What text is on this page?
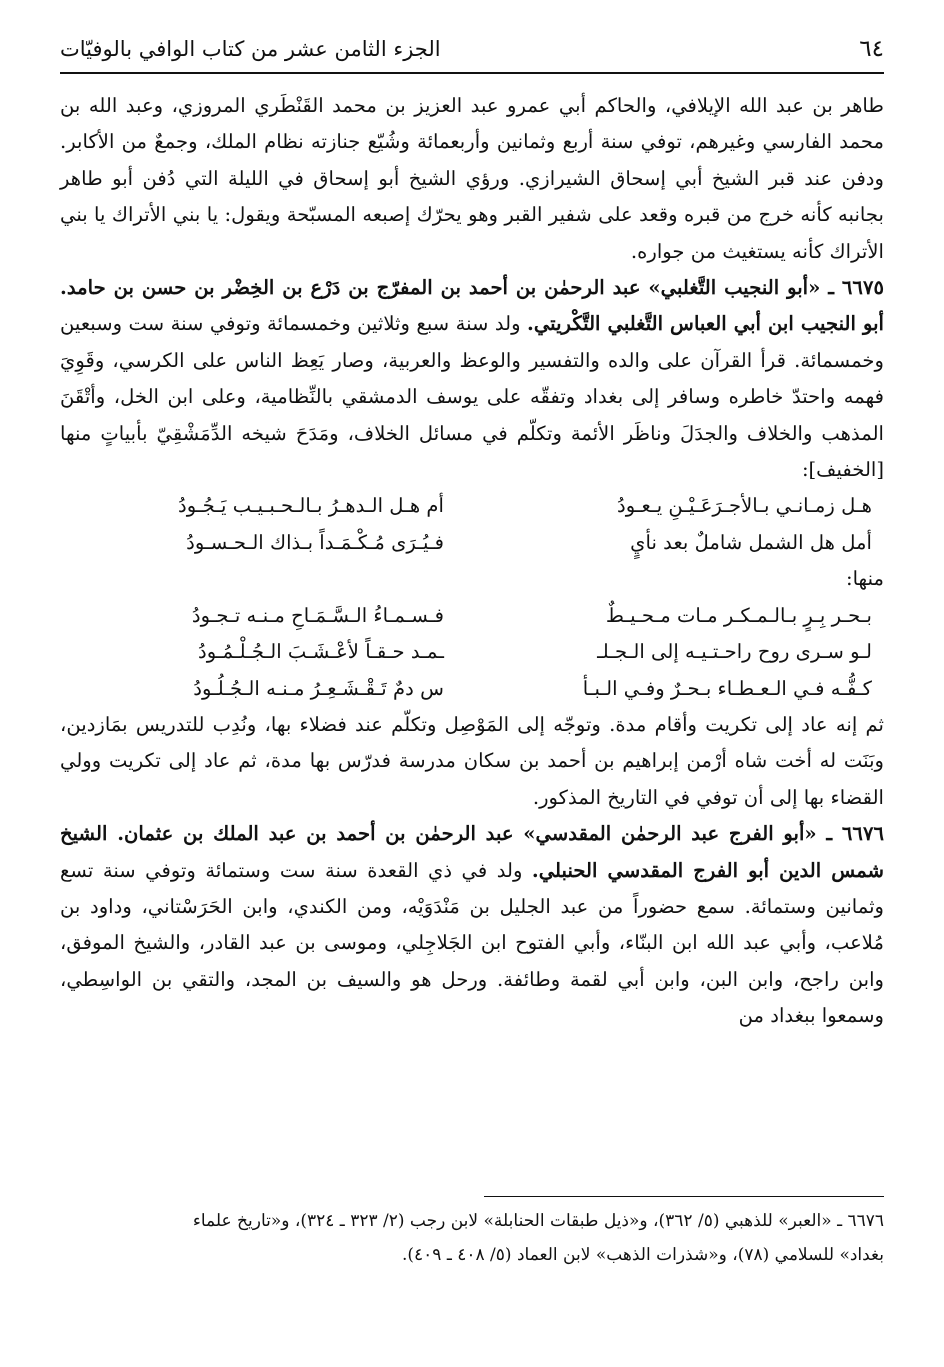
٦٤
الجزء الثامن عشر من كتاب الوافي بالوفيّات

طاهر بن عبد الله الإيلافي، والحاكم أبي عمرو عبد العزيز بن محمد القَنْطَري المروزي، وعبد الله بن محمد الفارسي وغيرهم، توفي سنة أربع وثمانين وأربعمائة وشُيّع جنازته نظام الملك، وجمعٌ من الأكابر. ودفن عند قبر الشيخ أبي إسحاق الشيرازي. ورؤي الشيخ أبو إسحاق في الليلة التي دُفن أبو طاهر بجانبه كأنه خرج من قبره وقعد على شفير القبر وهو يحرّك إصبعه المسبّحة ويقول: يا بني الأتراك يا بني الأتراك كأنه يستغيث من جواره.

٦٦٧٥ ـ «أبو النجيب التَّغلبي» عبد الرحمٰن بن أحمد بن المفرّج بن دَرْع بن الخِضْر بن حسن بن حامد. أبو النجيب ابن أبي العباس التَّغلبي التَّكْريتي. ولد سنة سبع وثلاثين وخمسمائة وتوفي سنة ست وسبعين وخمسمائة. قرأ القرآن على والده والتفسير والوعظ والعربية، وصار يَعِظ الناس على الكرسي، وقَوِيَ فهمه واحتدّ خاطره وسافر إلى بغداد وتفقّه على يوسف الدمشقي بالنِّظامية، وعلى ابن الخل، وأتْقَنَ المذهب والخلاف والجدَلَ وناظَر الأئمة وتكلّم في مسائل الخلاف، ومَدَحَ شيخه الدِّمَشْقِيّ بأبياتٍ منها [الخفيف]:

هـل زمـانـي بـالأجـرَعَـيْـنِ يـعـودُ
أم هـل الـدهـرُ بـالـحـبـيـب يَـجُـودُ
أمل هل الشمل شاملٌ بعد نأيٍ
فـيُـرَى مُـكْـمَـداً بـذاك الـحـسـودُ

منها:

بـحـر بِـرٍ بـالـمـكـر مـات مـحـيـطٌ
فـسـمـاءُ الـسَّـمَـاحِ مـنـه تـجـودُ
لـو سـرى روح راحـتـيـه إلى الـجـلـ
ـمـد حـقـاً لأعْـشَـبَ الـجُـلْـمُـودُ
كـفُّـه فـي الـعـطـاء بـحـرٌ وفـي الـبـأ
س دمٌ تَـقْـشَـعِـرُ مـنـه الـجُـلُـودُ

ثم إنه عاد إلى تكريت وأقام مدة. وتوجّه إلى المَوْصِل وتكلّم عند فضلاء بها، ونُدِب للتدريس بمَازدين، وبَنَت له أخت شاه أرْمن إبراهيم بن أحمد بن سكان مدرسة فدرّس بها مدة، ثم عاد إلى تكريت وولي القضاء بها إلى أن توفي في التاريخ المذكور.

٦٦٧٦ ـ «أبو الفرج عبد الرحمٰن المقدسي» عبد الرحمٰن بن أحمد بن عبد الملك بن عثمان. الشيخ شمس الدين أبو الفرج المقدسي الحنبلي. ولد في ذي القعدة سنة ست وستمائة وتوفي سنة تسع وثمانين وستمائة. سمع حضوراً من عبد الجليل بن مَنْدَوَيْه، ومن الكندي، وابن الحَرَسْتاني، وداود بن مُلاعب، وأبي عبد الله ابن البنّاء، وأبي الفتوح ابن الجَلاجِلي، وموسى بن عبد القادر، والشيخ الموفق، وابن راجح، وابن البن، وابن أبي لقمة وطائفة. ورحل هو والسيف بن المجد، والتقي بن الواسِطي، وسمعوا ببغداد من

٦٦٧٦ ـ «العبر» للذهبي (٥/ ٣٦٢)، و«ذيل طبقات الحنابلة» لابن رجب (٢/ ٣٢٣ ـ ٣٢٤)، و«تاريخ علماء
بغداد» للسلامي (٧٨)، و«شذرات الذهب» لابن العماد (٥/ ٤٠٨ ـ ٤٠٩).
